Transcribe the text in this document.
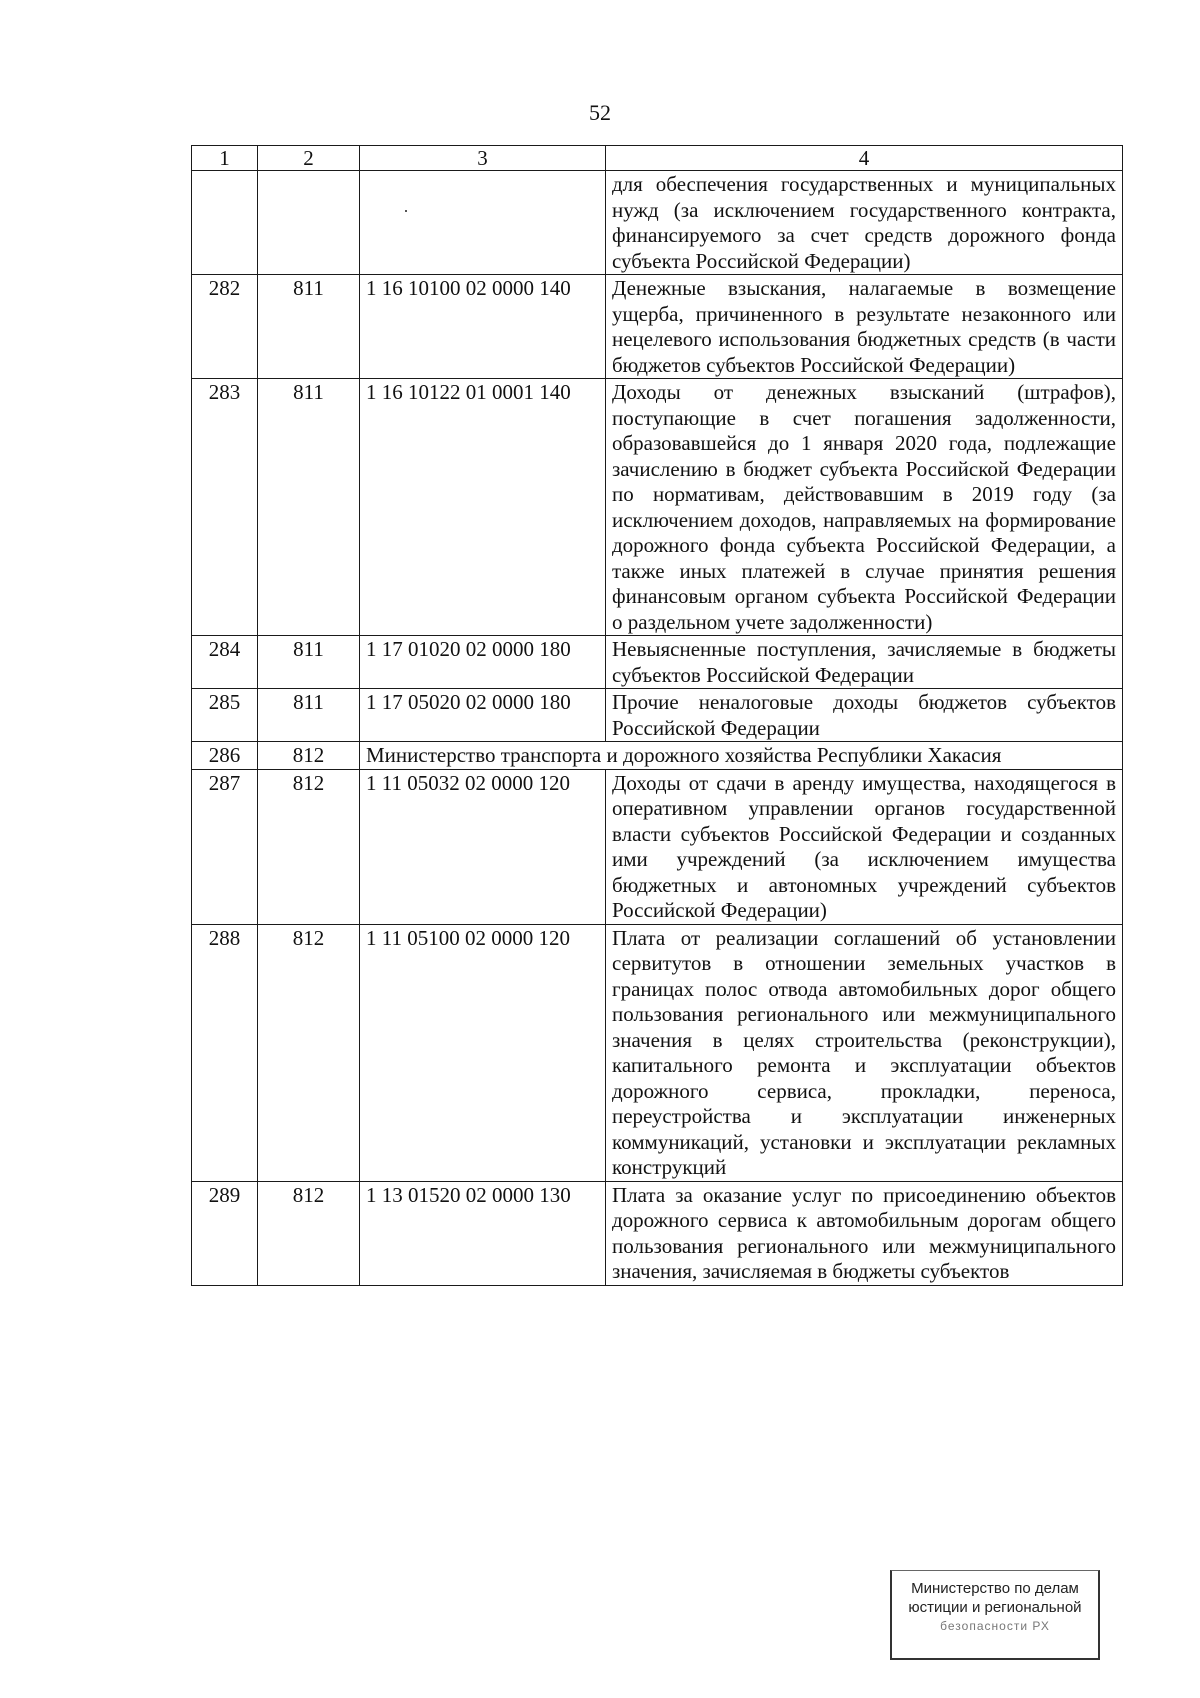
52
1	2	3	4
			для обеспечения государственных и муниципальных нужд (за исключением государственного контракта, финансируемого за счет средств дорожного фонда субъекта Российской Федерации)
282	811	1 16 10100 02 0000 140	Денежные взыскания, налагаемые в возмещение ущерба, причиненного в результате незаконного или нецелевого использования бюджетных средств (в части бюджетов субъектов Российской Федерации)
283	811	1 16 10122 01 0001 140	Доходы от денежных взысканий (штрафов), поступающие в счет погашения задолженности, образовавшейся до 1 января 2020 года, подлежащие зачислению в бюджет субъекта Российской Федерации по нормативам, действовавшим в 2019 году (за исключением доходов, направляемых на формирование дорожного фонда субъекта Российской Федерации, а также иных платежей в случае принятия решения финансовым органом субъекта Российской Федерации о раздельном учете задолженности)
284	811	1 17 01020 02 0000 180	Невыясненные поступления, зачисляемые в бюджеты субъектов Российской Федерации
285	811	1 17 05020 02 0000 180	Прочие неналоговые доходы бюджетов субъектов Российской Федерации
286	812	Министерство транспорта и дорожного хозяйства Республики Хакасия	
287	812	1 11 05032 02 0000 120	Доходы от сдачи в аренду имущества, находящегося в оперативном управлении органов государственной власти субъектов Российской Федерации и созданных ими учреждений (за исключением имущества бюджетных и автономных учреждений субъектов Российской Федерации)
288	812	1 11 05100 02 0000 120	Плата от реализации соглашений об установлении сервитутов в отношении земельных участков в границах полос отвода автомобильных дорог общего пользования регионального или межмуниципального значения в целях строительства (реконструкции), капитального ремонта и эксплуатации объектов дорожного сервиса, прокладки, переноса, переустройства и эксплуатации инженерных коммуникаций, установки и эксплуатации рекламных конструкций
289	812	1 13 01520 02 0000 130	Плата за оказание услуг по присоединению объектов дорожного сервиса к автомобильным дорогам общего пользования регионального или межмуниципального значения, зачисляемая в бюджеты субъектов
Министерство по делам
юстиции и региональной
безопасности РХ
